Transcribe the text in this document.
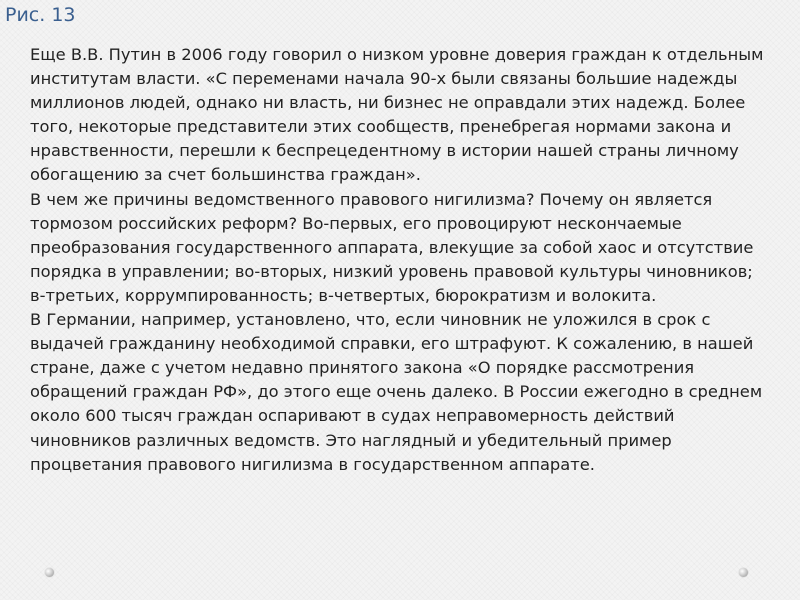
Рис. 13

Еще В.В. Путин в 2006 году говорил о низком уровне доверия граждан к отдельным институтам власти. «С переменами начала 90-х были связаны большие надежды миллионов людей, однако ни власть, ни бизнес не оправдали этих надежд. Более того, некоторые представители этих сообществ, пренебрегая нормами закона и нравственности, перешли к беспрецедентному в истории нашей страны личному обогащению за счет большинства граждан».

В чем же причины ведомственного правового нигилизма? Почему он является тормозом российских реформ? Во-первых, его провоцируют нескончаемые преобразования государственного аппарата, влекущие за собой хаос и отсутствие порядка в управлении; во-вторых, низкий уровень правовой культуры чиновников; в-третьих, коррумпированность; в-четвертых, бюрократизм и волокита.

В Германии, например, установлено, что, если чиновник не уложился в срок с выдачей гражданину необходимой справки, его штрафуют. К сожалению, в нашей стране, даже с учетом недавно принятого закона «О порядке рассмотрения обращений граждан РФ», до этого еще очень далеко. В России ежегодно в среднем около 600 тысяч граждан оспаривают в судах неправомерность действий чиновников различных ведомств. Это наглядный и убедительный пример процветания правового нигилизма в государственном аппарате.
